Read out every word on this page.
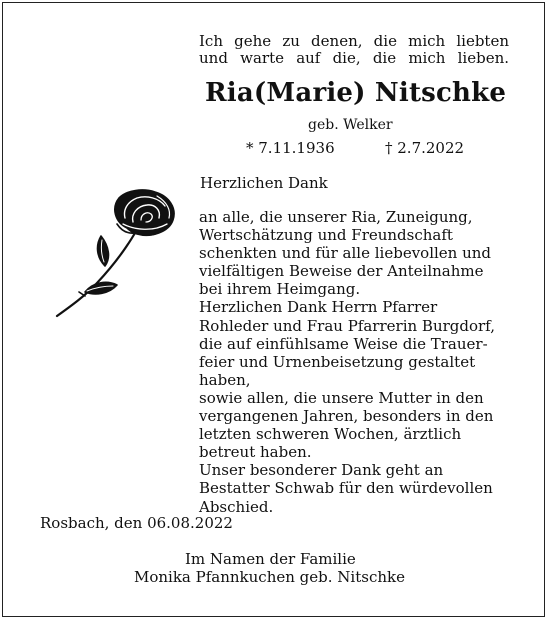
Ich gehe zu denen, die mich liebten
und warte auf die, die mich lieben.
Ria(Marie) Nitschke
geb. Welker
* 7.11.1936	† 2.7.2022
Herzlichen Dank
an alle, die unserer Ria, Zuneigung,
Wertschätzung und Freundschaft
schenkten und für alle liebevollen und
vielfältigen Beweise der Anteilnahme
bei ihrem Heimgang.
Herzlichen Dank Herrn Pfarrer
Rohleder und Frau Pfarrerin Burgdorf,
die auf einfühlsame Weise die Trauer-
feier und Urnenbeisetzung gestaltet
haben,
sowie allen, die unsere Mutter in den
vergangenen Jahren, besonders in den
letzten schweren Wochen, ärztlich
betreut haben.
Unser besonderer Dank geht an
Bestatter Schwab für den würdevollen
Abschied.
Rosbach, den 06.08.2022
Im Namen der Familie
Monika Pfannkuchen geb. Nitschke
